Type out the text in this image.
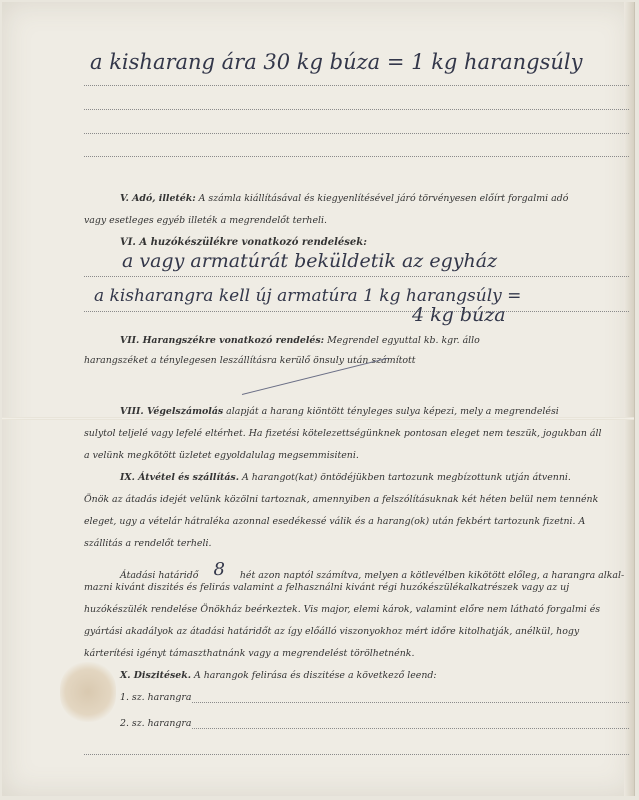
a kisharang ára 30 kg búza = 1 kg harangsúly
V. Adó, illeték: A számla kiállításával és kiegyenlítésével járó törvényesen előírt forgalmi adó
vagy esetleges egyéb illeték a megrendelőt terheli.
VI. A huzókészülékre vonatkozó rendelések:
a vagy armatúrát beküldetik az egyház
a kisharangra kell új armatúra 1 kg harangsúly =
4 kg búza
VII. Harangszékre vonatkozó rendelés: Megrendel egyuttal kb. kgr. állo
harangszéket a ténylegesen leszállításra kerülő önsuly után számított
VIII. Végelszámolás alapját a harang kiöntött tényleges sulya képezi, mely a megrendelési
sulytol teljelé vagy lefelé eltérhet. Ha fizetési kötelezettségünknek pontosan eleget nem teszük, jogukban áll
a velünk megkötött üzletet egyoldalulag megsemmisiteni.
IX. Átvétel és szállítás. A harangot(kat) öntödéjükben tartozunk megbízottunk utján átvenni.
Önök az átadás idejét velünk közölni tartoznak, amennyiben a felszólításuknak két héten belül nem tennénk
eleget, ugy a vételár hátraléka azonnal esedékessé válik és a harang(ok) után fekbért tartozunk fizetni. A
szállitás a rendelőt terheli.
Átadási határidő 8 hét azon naptól számítva, melyen a kötlevélben kikötött előleg, a harangra alkal-
mazni kivánt diszités és felirás valamint a felhasználni kivánt régi huzókészülékalkatrészek vagy az uj
huzókészülék rendelése Önökház beérkeztek. Vis major, elemi károk, valamint előre nem látható forgalmi és
gyártási akadályok az átadási határidőt az így előálló viszonyokhoz mért időre kitolhatják, anélkül, hogy
kárterítési igényt támaszthatnánk vagy a megrendelést törölhetnénk.
X. Diszitések. A harangok felirása és diszitése a következő leend:
1. sz. harangra
2. sz. harangra
